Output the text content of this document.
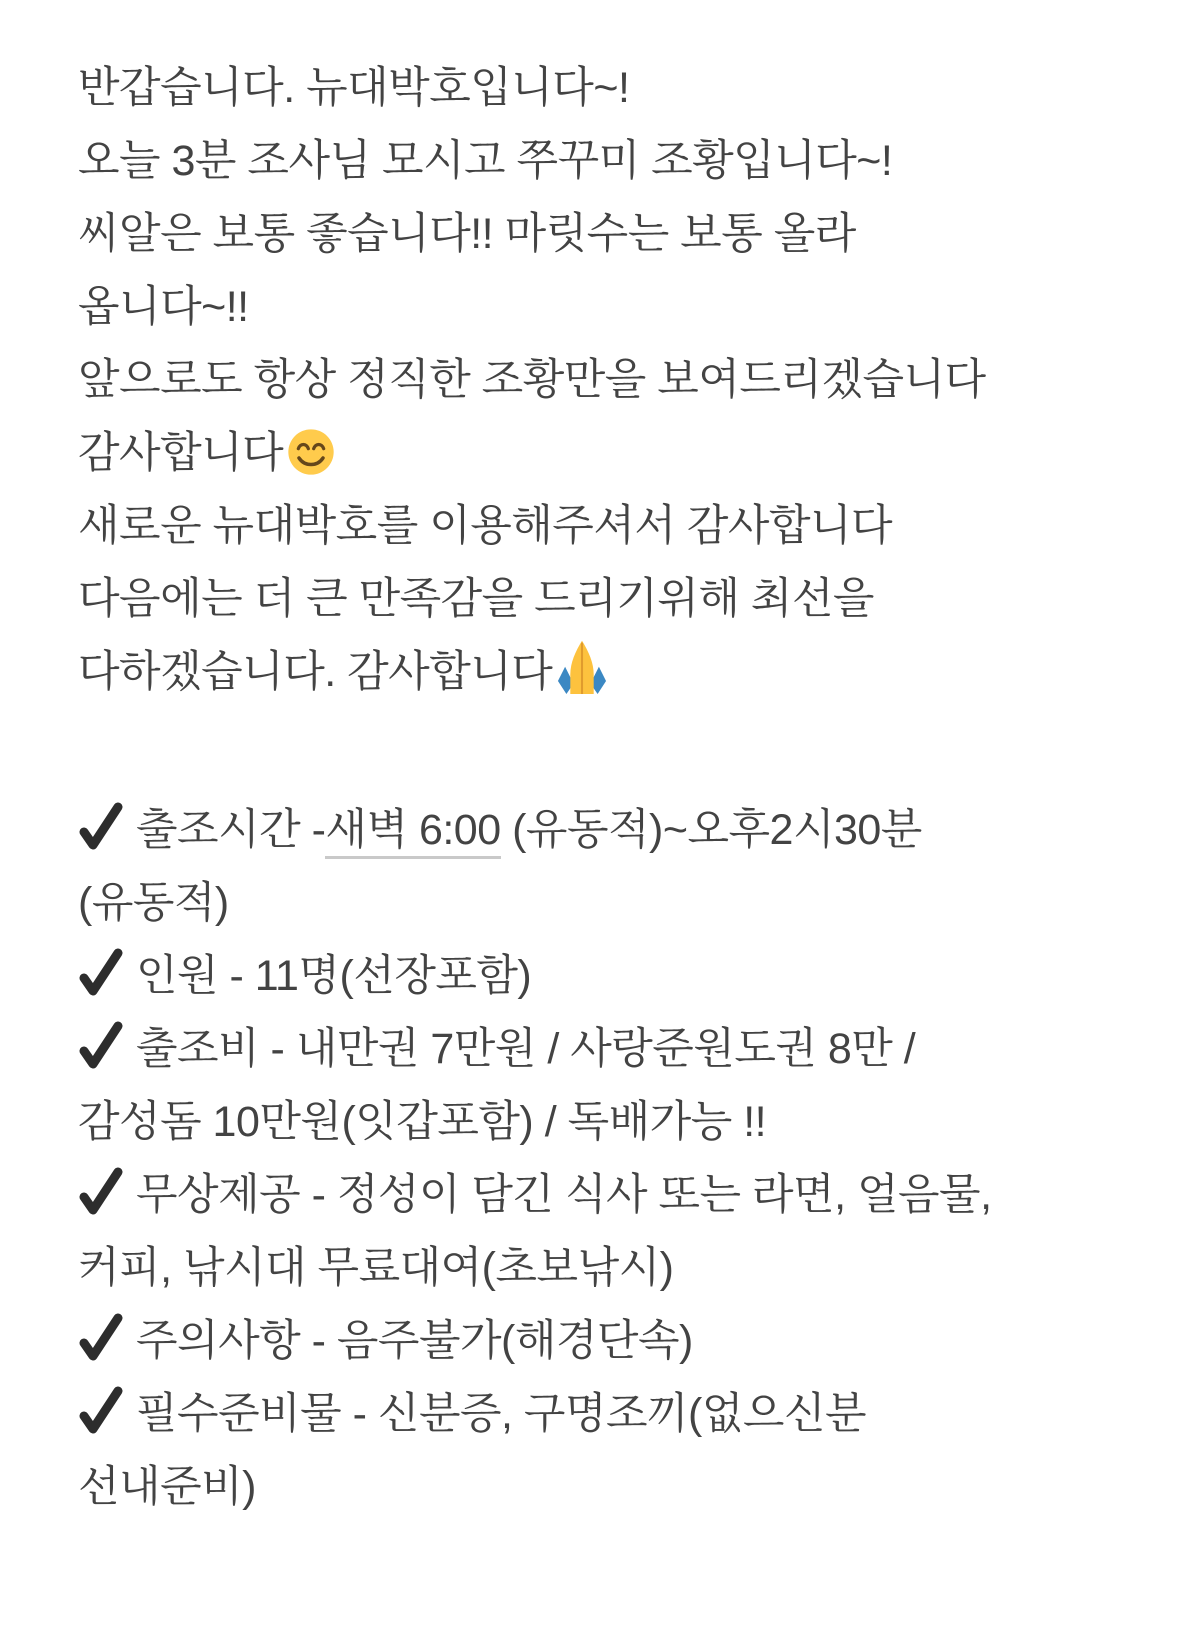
반갑습니다. 뉴대박호입니다~!
오늘 3분 조사님 모시고 쭈꾸미 조황입니다~!
씨알은 보통 좋습니다!! 마릿수는 보통 올라
옵니다~!!
앞으로도 항상 정직한 조황만을 보여드리겠습니다
감사합니다
새로운 뉴대박호를 이용해주셔서 감사합니다
다음에는 더 큰 만족감을 드리기위해 최선을
다하겠습니다. 감사합니다
출조시간 -새벽 6:00 (유동적)~오후2시30분
(유동적)
인원 - 11명(선장포함)
출조비 - 내만권 7만원 / 사랑준원도권 8만 /
감성돔 10만원(잇갑포함) / 독배가능 !!
무상제공 - 정성이 담긴 식사 또는 라면, 얼음물,
커피, 낚시대 무료대여(초보낚시)
주의사항 - 음주불가(해경단속)
필수준비물 - 신분증, 구명조끼(없으신분
선내준비)
